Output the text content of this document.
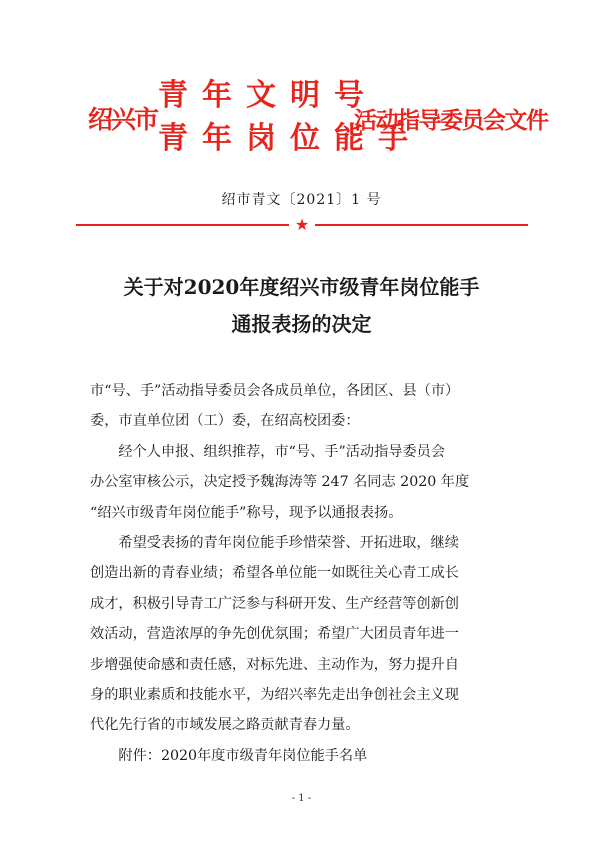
绍兴市
青年文明号
青年岗位能手
活动指导委员会文件
绍市青文〔2021〕1 号
★
关于对2020年度绍兴市级青年岗位能手
通报表扬的决定
市“号、手”活动指导委员会各成员单位，各团区、县（市）
委，市直单位团（工）委，在绍高校团委：
　　经个人申报、组织推荐，市“号、手”活动指导委员会
办公室审核公示，决定授予魏海涛等 247 名同志 2020 年度
“绍兴市级青年岗位能手”称号，现予以通报表扬。
　　希望受表扬的青年岗位能手珍惜荣誉、开拓进取，继续
创造出新的青春业绩；希望各单位能一如既往关心青工成长
成才，积极引导青工广泛参与科研开发、生产经营等创新创
效活动，营造浓厚的争先创优氛围；希望广大团员青年进一
步增强使命感和责任感，对标先进、主动作为，努力提升自
身的职业素质和技能水平，为绍兴率先走出争创社会主义现
代化先行省的市域发展之路贡献青春力量。
　　附件：2020年度市级青年岗位能手名单
- 1 -
